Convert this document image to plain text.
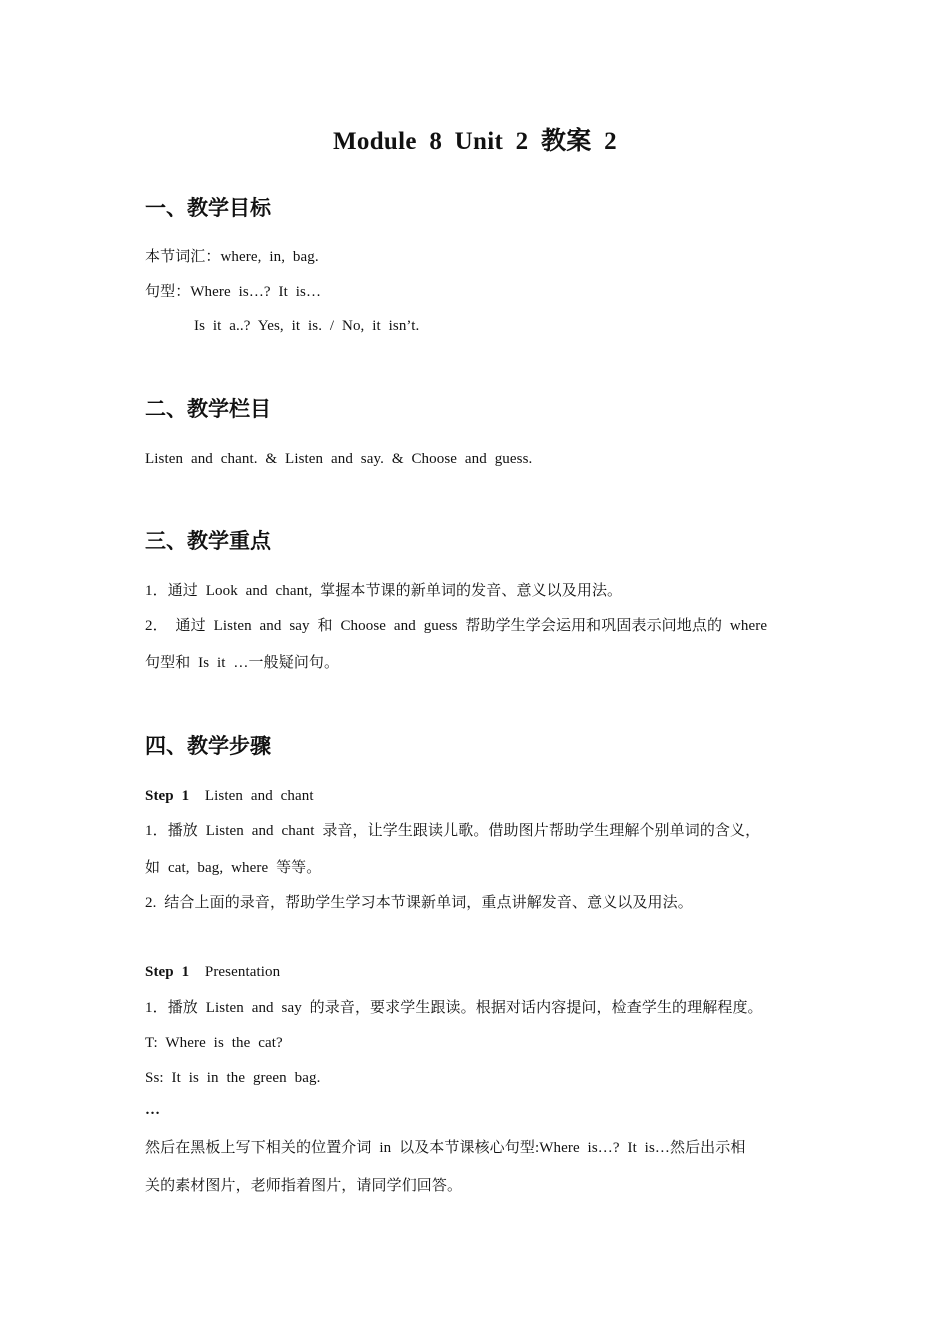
Module 8 Unit 2 教案 2
一、教学目标
本节词汇：where, in, bag.
句型：Where is…? It is…
Is it a..? Yes, it is. / No, it isn’t.
二、教学栏目
Listen and chant. & Listen and say. & Choose and guess.
三、教学重点
1．通过 Look and chant, 掌握本节课的新单词的发音、意义以及用法。
2． 通过 Listen and say 和 Choose and guess 帮助学生学会运用和巩固表示问地点的 where
句型和 Is it …一般疑问句。
四、教学步骤
Step 1 Listen and chant
1．播放 Listen and chant 录音，让学生跟读儿歌。借助图片帮助学生理解个别单词的含义，
如 cat, bag, where 等等。
2. 结合上面的录音，帮助学生学习本节课新单词，重点讲解发音、意义以及用法。
Step 1 Presentation
1．播放 Listen and say 的录音，要求学生跟读。根据对话内容提问，检查学生的理解程度。
T: Where is the cat?
Ss: It is in the green bag.
…
然后在黑板上写下相关的位置介词 in 以及本节课核心句型:Where is…? It is…然后出示相
关的素材图片，老师指着图片，请同学们回答。
